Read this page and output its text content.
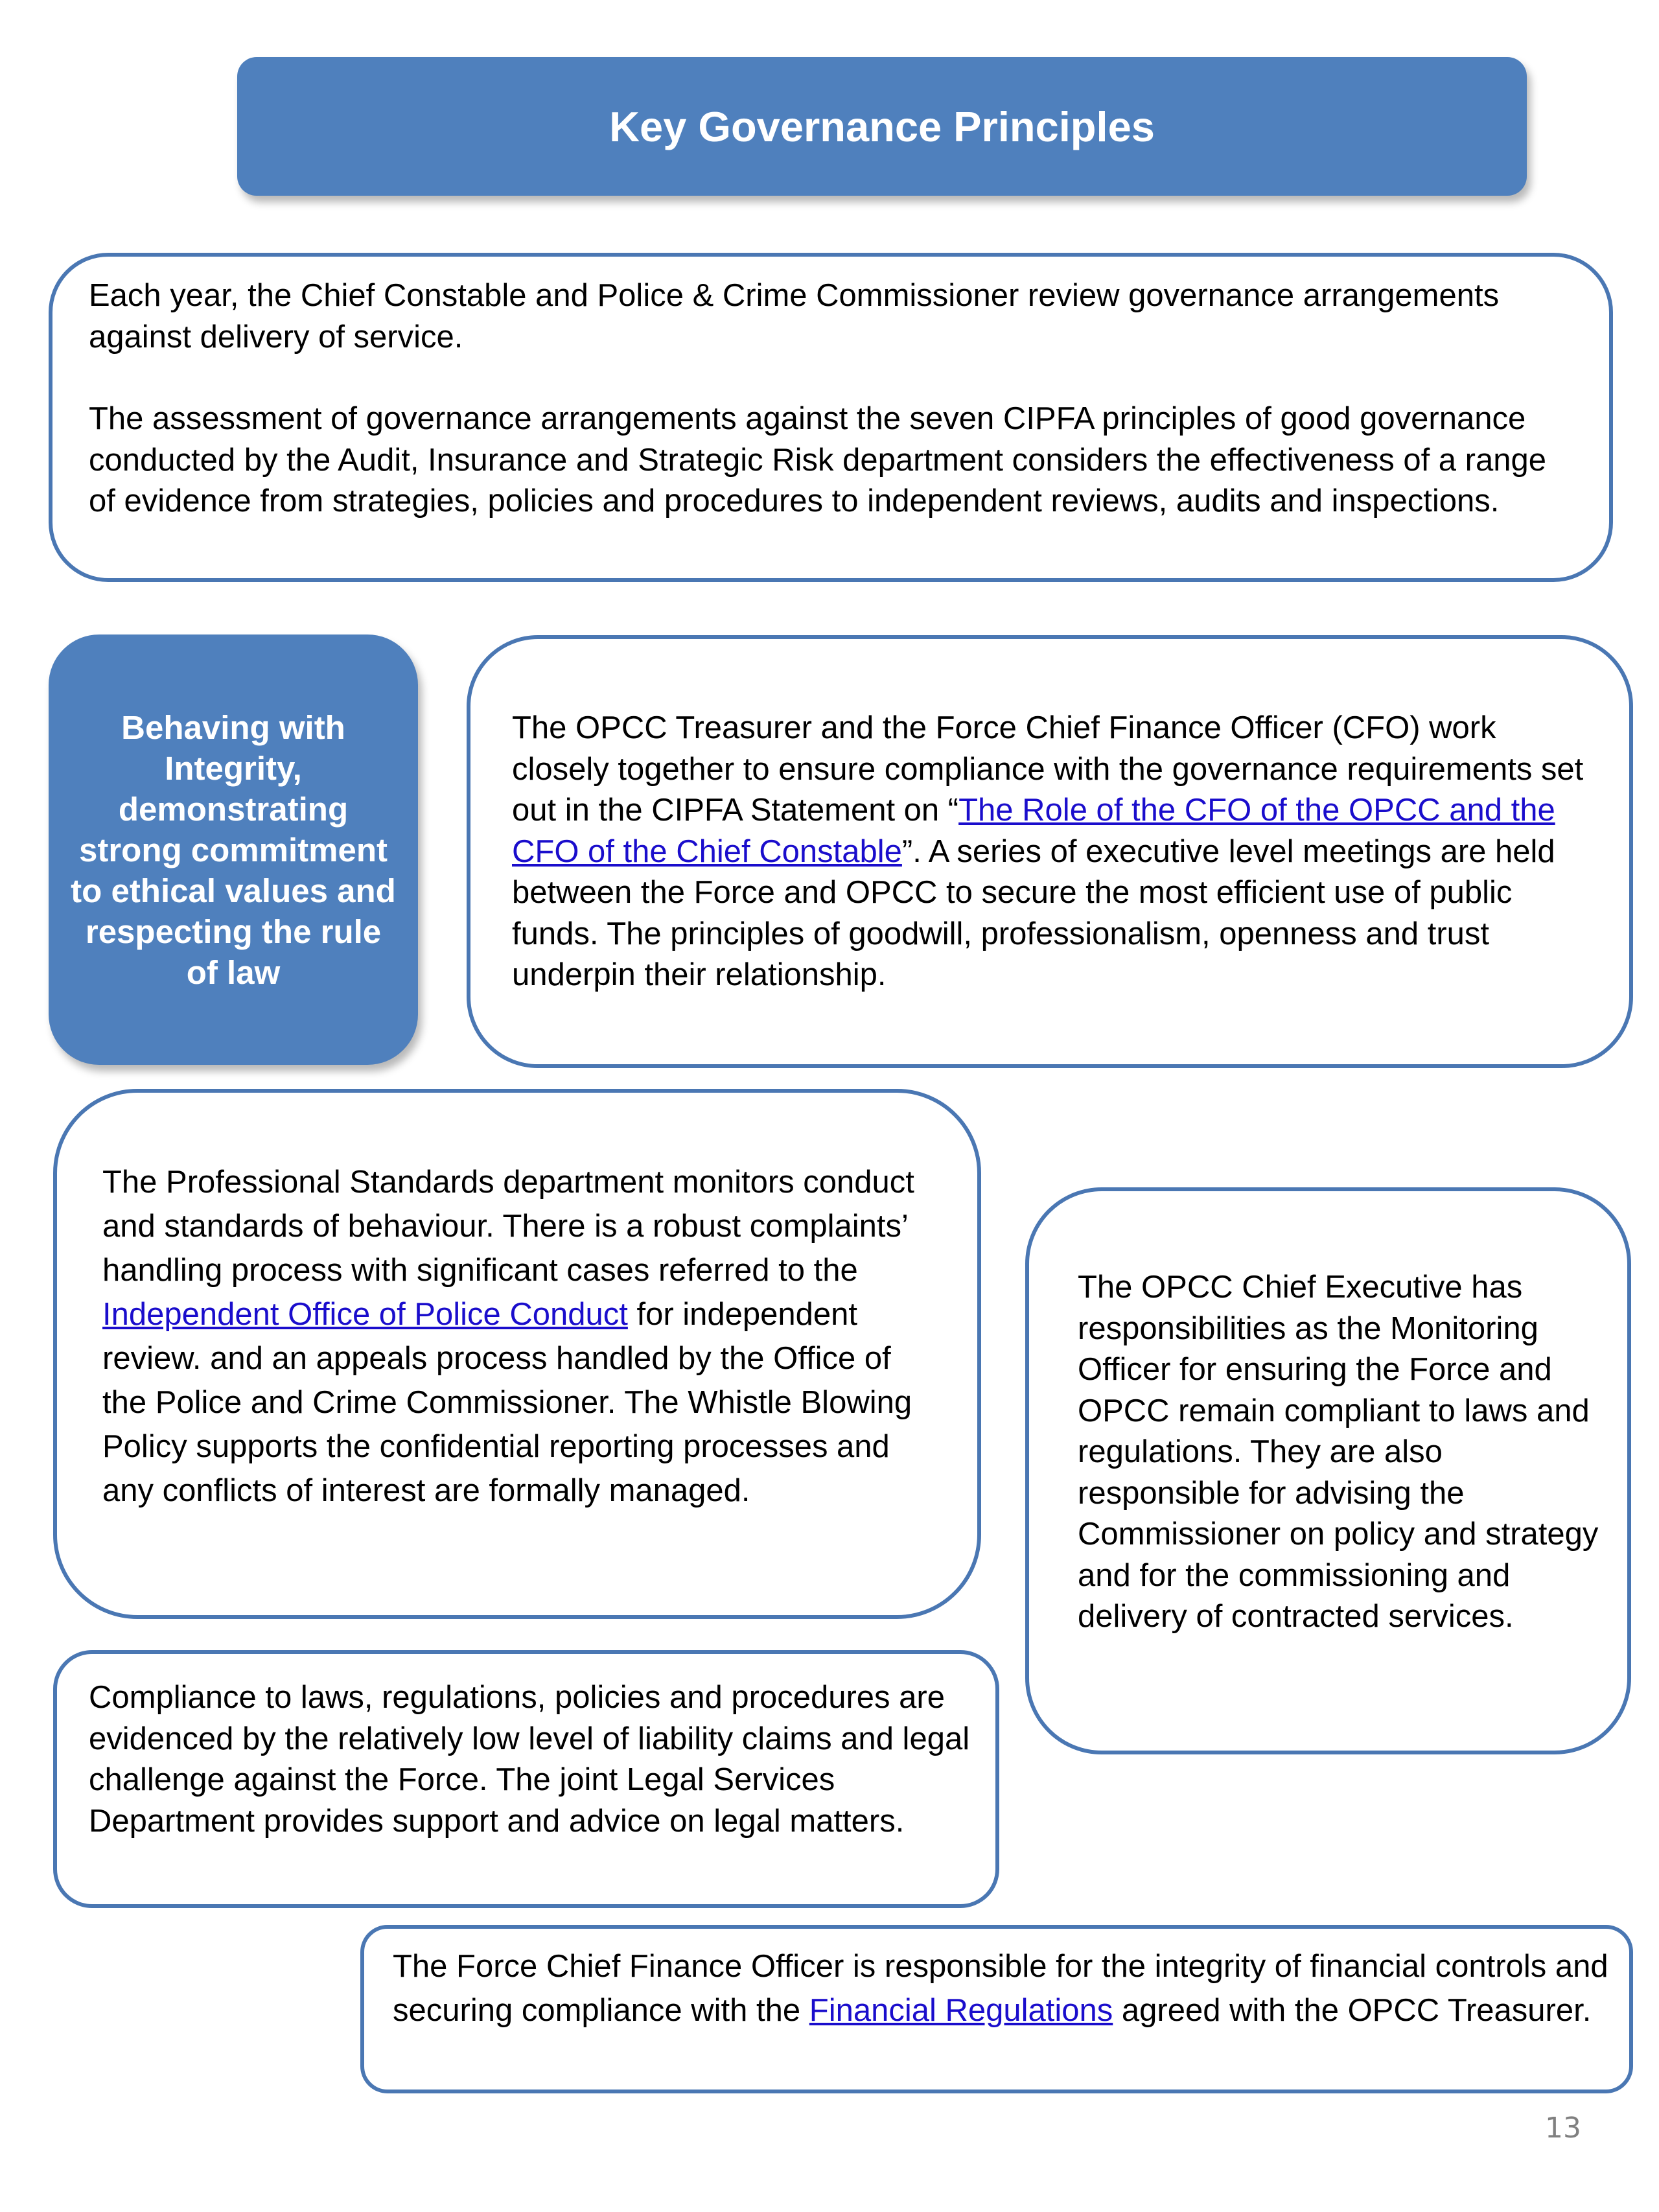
Key Governance Principles

Each year, the Chief Constable and Police & Crime Commissioner review governance arrangements against delivery of service.

The assessment of governance arrangements against the seven CIPFA principles of good governance conducted by the Audit, Insurance and Strategic Risk department considers the effectiveness of a range of evidence from strategies, policies and procedures to independent reviews, audits and inspections.

Behaving with Integrity, demonstrating strong commitment to ethical values and respecting the rule of law

The OPCC Treasurer and the Force Chief Finance Officer (CFO) work closely together to ensure compliance with the governance requirements set out in the CIPFA Statement on “The Role of the CFO of the OPCC and the CFO of the Chief Constable”. A series of executive level meetings are held between the Force and OPCC to secure the most efficient use of public funds. The principles of goodwill, professionalism, openness and trust underpin their relationship.

The Professional Standards department monitors conduct and standards of behaviour. There is a robust complaints’ handling process with significant cases referred to the Independent Office of Police Conduct for independent review. and an appeals process handled by the Office of the Police and Crime Commissioner. The Whistle Blowing Policy supports the confidential reporting processes and any conflicts of interest are formally managed.

The OPCC Chief Executive has responsibilities as the Monitoring Officer for ensuring the Force and OPCC remain compliant to laws and regulations. They are also responsible for advising the Commissioner on policy and strategy and for the commissioning and delivery of contracted services.

Compliance to laws, regulations, policies and procedures are evidenced by the relatively low level of liability claims and legal challenge against the Force. The joint Legal Services Department provides support and advice on legal matters.

The Force Chief Finance Officer is responsible for the integrity of financial controls and securing compliance with the Financial Regulations agreed with the OPCC Treasurer.

13
